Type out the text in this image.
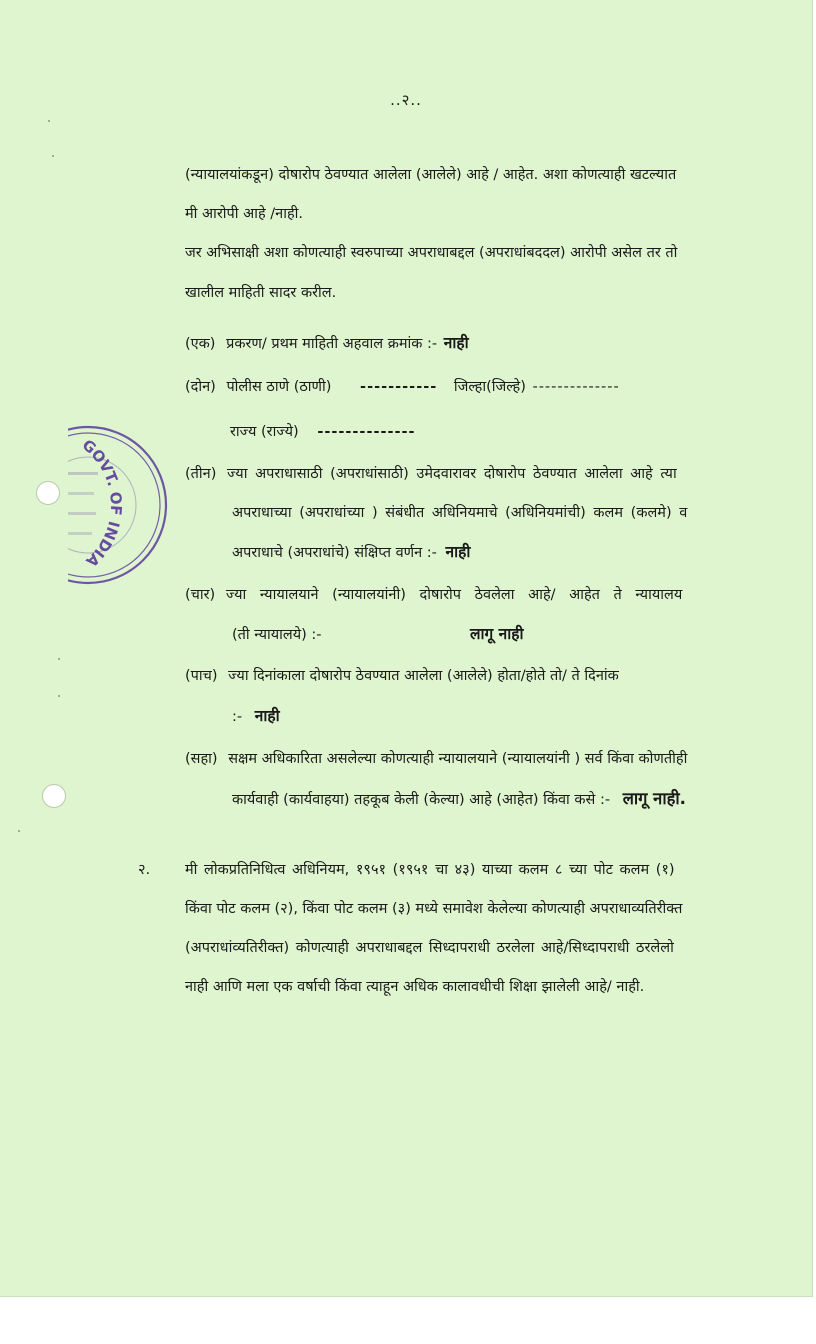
..२..
GOVT. OF INDIA
(न्यायालयांकडून) दोषारोप ठेवण्यात आलेला (आलेले) आहे / आहेत. अशा कोणत्याही खटल्यात
मी आरोपी आहे /नाही.
जर अभिसाक्षी अशा कोणत्याही स्वरुपाच्या अपराधाबद्दल (अपराधांबददल) आरोपी असेल तर तो
खालील माहिती सादर करील.
(एक) प्रकरण/ प्रथम माहिती अहवाल क्रमांक :- नाही
(दोन) पोलीस ठाणे (ठाणी) ----------- जिल्हा(जिल्हे) --------------
राज्य (राज्ये) --------------
(तीन) ज्या अपराधासाठी (अपराधांसाठी) उमेदवारावर दोषारोप ठेवण्यात आलेला आहे त्या
अपराधाच्या (अपराधांच्या ) संबंधीत अधिनियमाचे (अधिनियमांची) कलम (कलमे) व
अपराधाचे (अपराधांचे) संक्षिप्त वर्णन :- नाही
(चार) ज्या न्यायालयाने (न्यायालयांनी) दोषारोप ठेवलेला आहे/ आहेत ते न्यायालय
(ती न्यायालये) :-	लागू नाही
(पाच) ज्या दिनांकाला दोषारोप ठेवण्यात आलेला (आलेले) होता/होते तो/ ते दिनांक
:- नाही
(सहा) सक्षम अधिकारिता असलेल्या कोणत्याही न्यायालयाने (न्यायालयांनी ) सर्व किंवा कोणतीही
कार्यवाही (कार्यवाहया) तहकूब केली (केल्या) आहे (आहेत) किंवा कसे :- लागू नाही.
२. मी लोकप्रतिनिधित्व अधिनियम, १९५१ (१९५१ चा ४३) याच्या कलम ८ च्या पोट कलम (१)
किंवा पोट कलम (२), किंवा पोट कलम (३) मध्ये समावेश केलेल्या कोणत्याही अपराधाव्यतिरीक्त
(अपराधांव्यतिरीक्त) कोणत्याही अपराधाबद्दल सिध्दापराधी ठरलेला आहे/सिध्दापराधी ठरलेलो
नाही आणि मला एक वर्षाची किंवा त्याहून अधिक कालावधीची शिक्षा झालेली आहे/ नाही.
